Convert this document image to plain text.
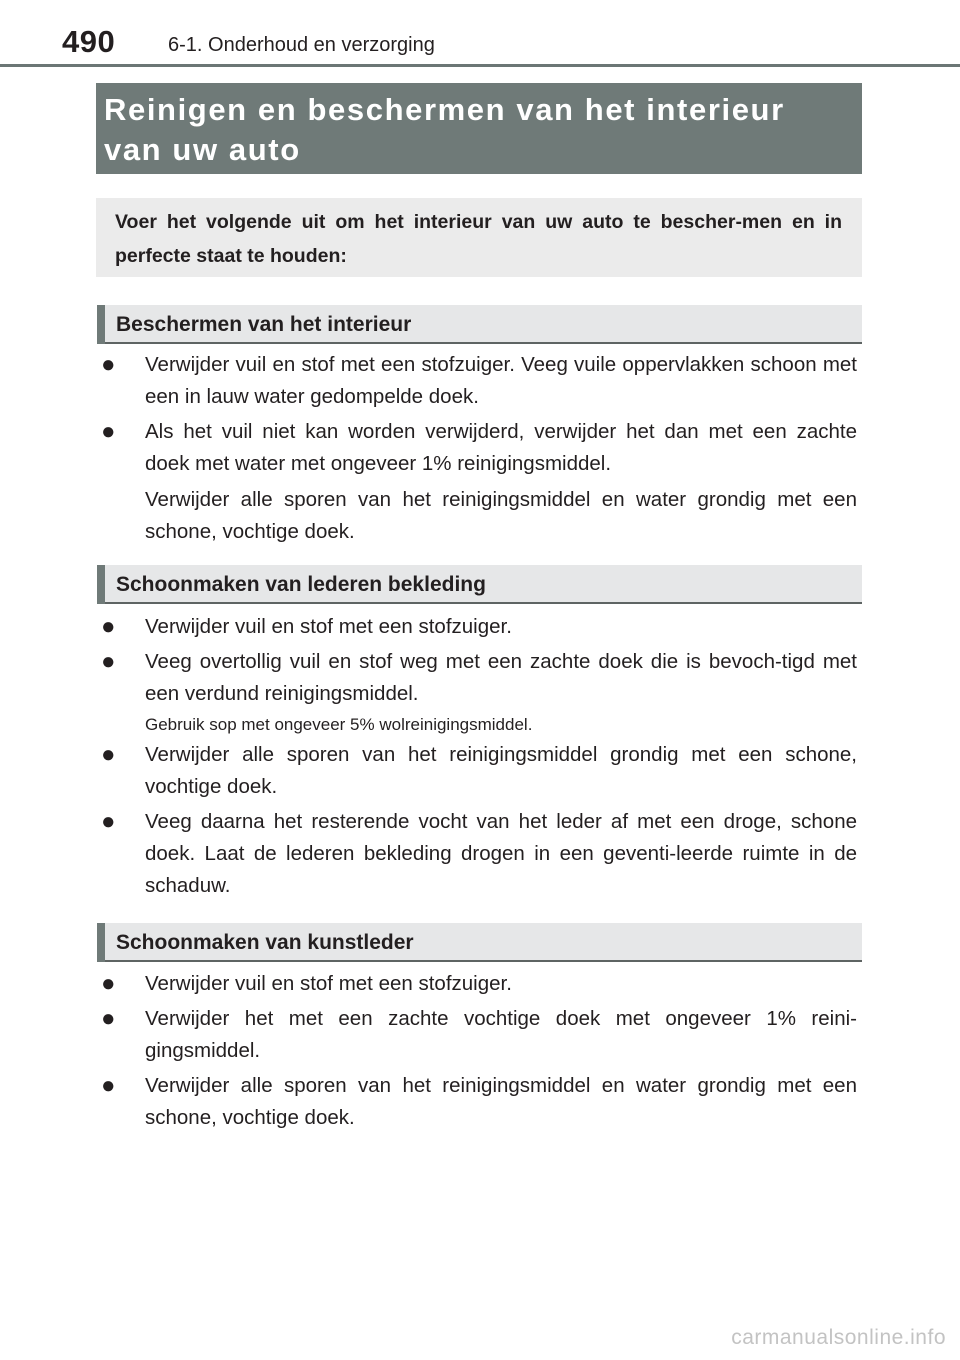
490	6-1. Onderhoud en verzorging
Reinigen en beschermen van het interieur van uw auto

Voer het volgende uit om het interieur van uw auto te bescher-men en in perfecte staat te houden:

Beschermen van het interieur
● Verwijder vuil en stof met een stofzuiger. Veeg vuile oppervlakken schoon met een in lauw water gedompelde doek.
● Als het vuil niet kan worden verwijderd, verwijder het dan met een zachte doek met water met ongeveer 1% reinigingsmiddel.
Verwijder alle sporen van het reinigingsmiddel en water grondig met een schone, vochtige doek.
Schoonmaken van lederen bekleding
● Verwijder vuil en stof met een stofzuiger.
● Veeg overtollig vuil en stof weg met een zachte doek die is bevoch-tigd met een verdund reinigingsmiddel.
Gebruik sop met ongeveer 5% wolreinigingsmiddel.
● Verwijder alle sporen van het reinigingsmiddel grondig met een schone, vochtige doek.
● Veeg daarna het resterende vocht van het leder af met een droge, schone doek. Laat de lederen bekleding drogen in een geventi-leerde ruimte in de schaduw.
Schoonmaken van kunstleder
● Verwijder vuil en stof met een stofzuiger.
● Verwijder het met een zachte vochtige doek met ongeveer 1% reini-gingsmiddel.
● Verwijder alle sporen van het reinigingsmiddel en water grondig met een schone, vochtige doek.
carmanualsonline.info
